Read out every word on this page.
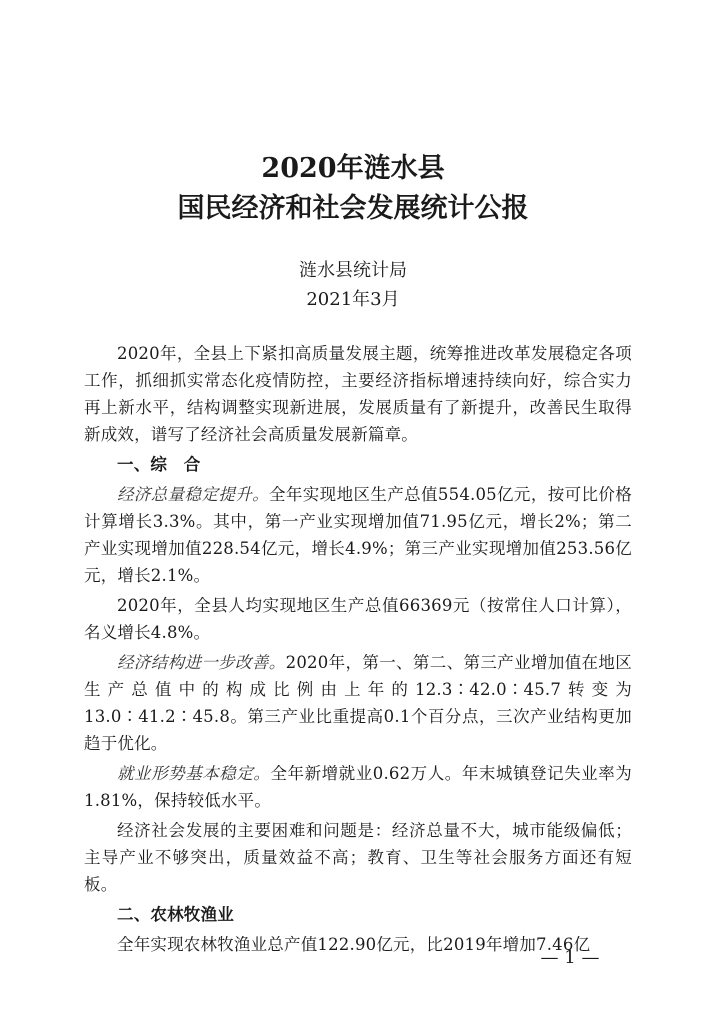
2020年涟水县
国民经济和社会发展统计公报
涟水县统计局
2021年3月

2020年，全县上下紧扣高质量发展主题，统筹推进改革发展稳定各项工作，抓细抓实常态化疫情防控，主要经济指标增速持续向好，综合实力再上新水平，结构调整实现新进展，发展质量有了新提升，改善民生取得新成效，谱写了经济社会高质量发展新篇章。

一、综　合

经济总量稳定提升。全年实现地区生产总值554.05亿元，按可比价格计算增长3.3%。其中，第一产业实现增加值71.95亿元，增长2%；第二产业实现增加值228.54亿元，增长4.9%；第三产业实现增加值253.56亿元，增长2.1%。

2020年，全县人均实现地区生产总值66369元（按常住人口计算），名义增长4.8%。

经济结构进一步改善。2020年，第一、第二、第三产业增加值在地区生产总值中的构成比例由上年的12.3∶42.0∶45.7转变为13.0∶41.2∶45.8。第三产业比重提高0.1个百分点，三次产业结构更加趋于优化。

就业形势基本稳定。全年新增就业0.62万人。年末城镇登记失业率为1.81%，保持较低水平。

经济社会发展的主要困难和问题是：经济总量不大，城市能级偏低；主导产业不够突出，质量效益不高；教育、卫生等社会服务方面还有短板。

二、农林牧渔业

全年实现农林牧渔业总产值122.90亿元，比2019年增加7.46亿

— 1 —
